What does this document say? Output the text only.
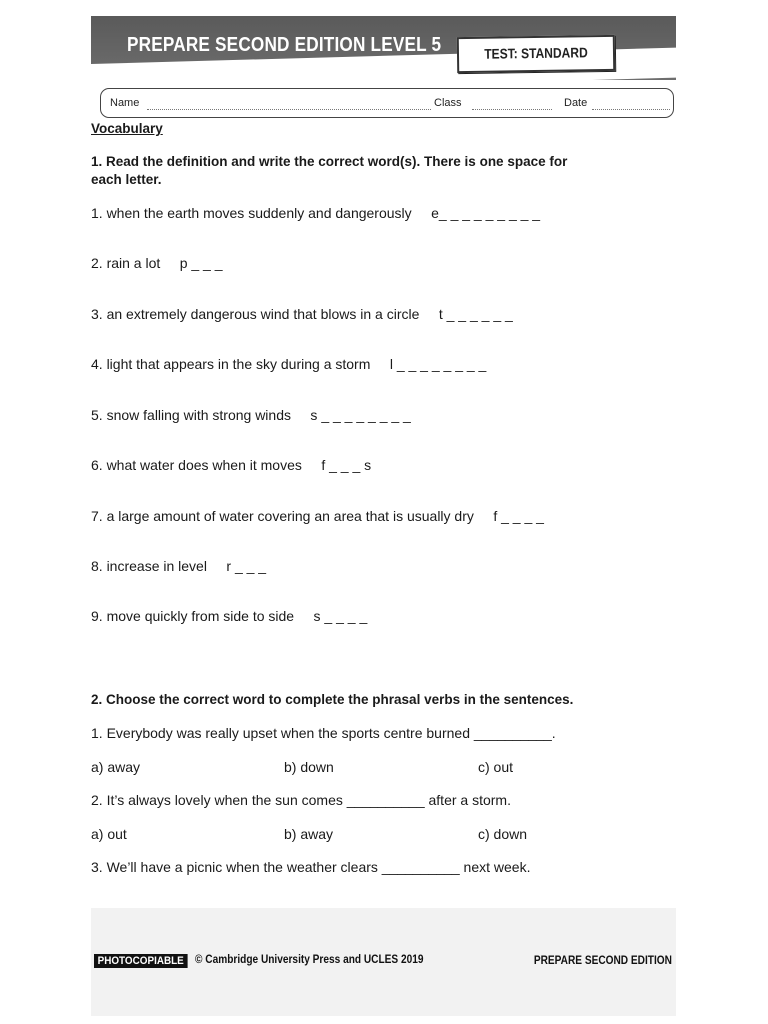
PREPARE SECOND EDITION LEVEL 5	TEST: STANDARD
Name	Class	Date
Vocabulary
1. Read the definition and write the correct word(s). There is one space for
each letter.
1. when the earth moves suddenly and dangerously     e_ _ _ _ _ _ _ _ _
2. rain a lot     p _ _ _
3. an extremely dangerous wind that blows in a circle     t _ _ _ _ _ _
4. light that appears in the sky during a storm     l _ _ _ _ _ _ _ _
5. snow falling with strong winds     s _ _ _ _ _ _ _ _
6. what water does when it moves     f _ _ _ s
7. a large amount of water covering an area that is usually dry     f _ _ _ _
8. increase in level     r _ _ _
9. move quickly from side to side     s _ _ _ _
2. Choose the correct word to complete the phrasal verbs in the sentences.
1. Everybody was really upset when the sports centre burned __________.
a) away	b) down	c) out
2. It’s always lovely when the sun comes __________ after a storm.
a) out	b) away	c) down
3. We’ll have a picnic when the weather clears __________ next week.
PHOTOCOPIABLE © Cambridge University Press and UCLES 2019	PREPARE SECOND EDITION
